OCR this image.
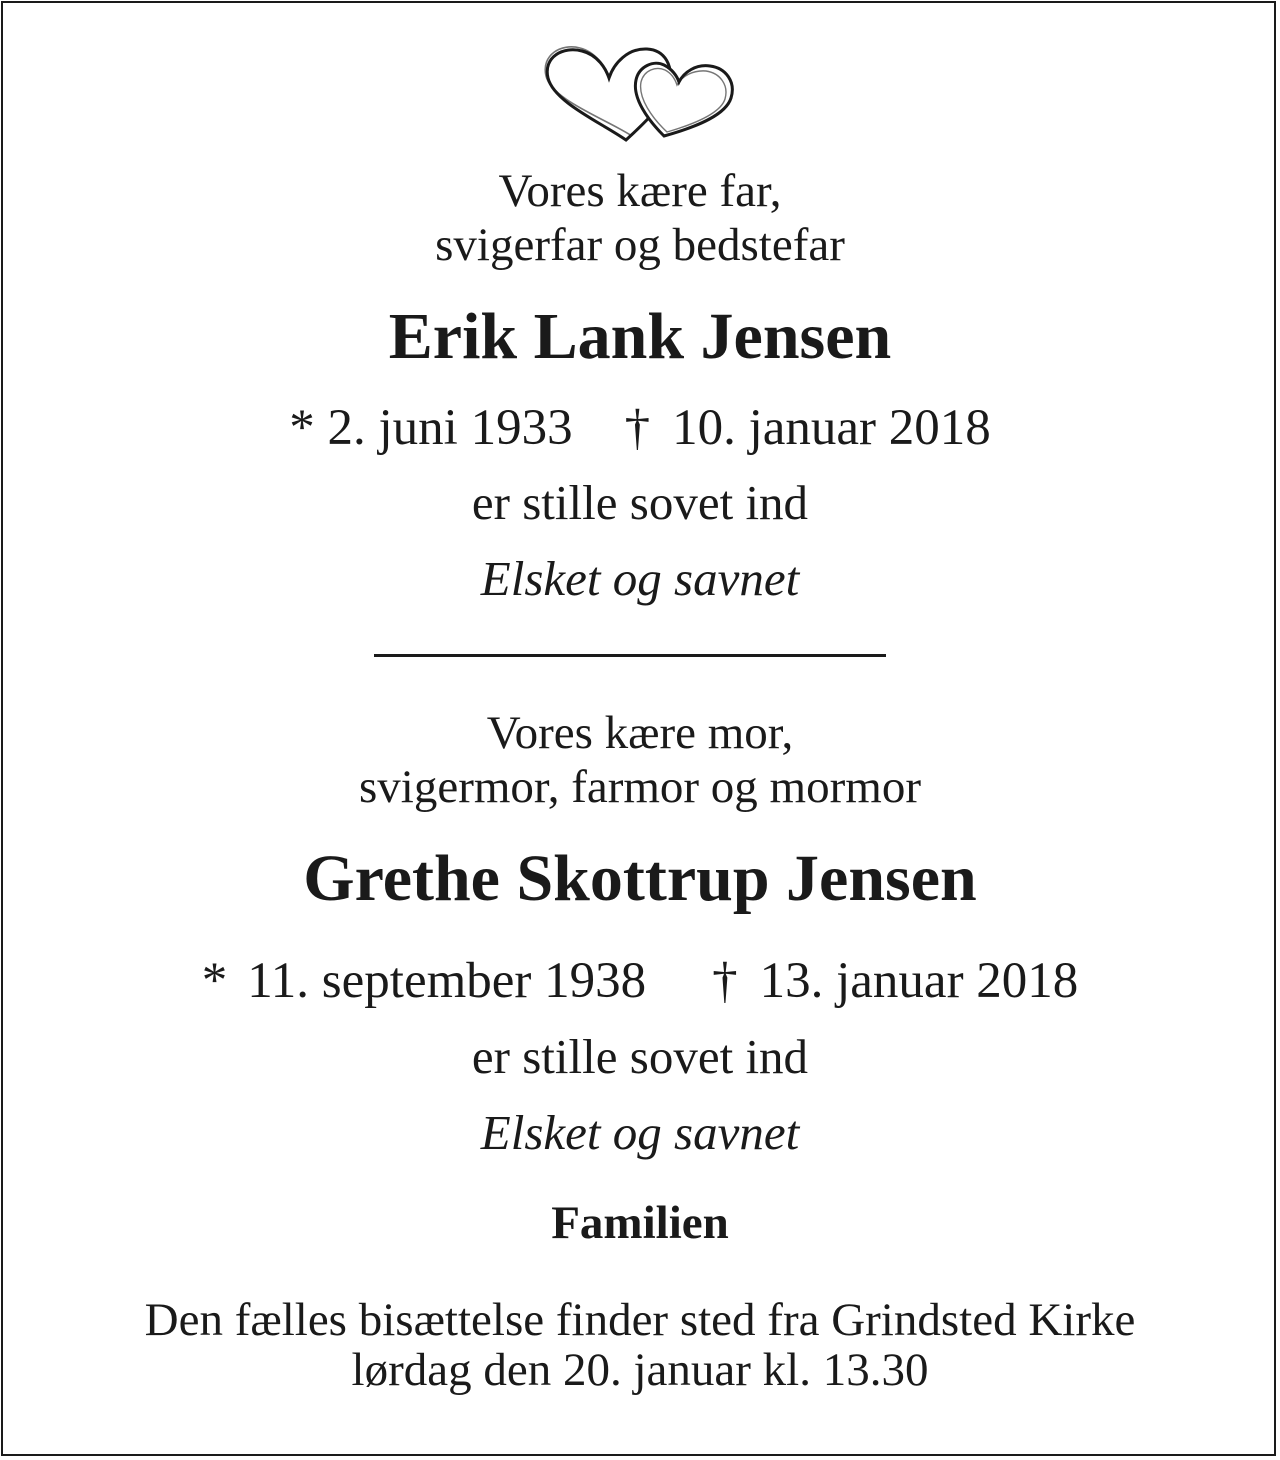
Vores kære far,
svigerfar og bedstefar
Erik Lank Jensen
* 2. juni 1933 † 10. januar 2018
er stille sovet ind
Elsket og savnet
Vores kære mor,
svigermor, farmor og mormor
Grethe Skottrup Jensen
* 11. september 1938 † 13. januar 2018
er stille sovet ind
Elsket og savnet
Familien
Den fælles bisættelse finder sted fra Grindsted Kirke
lørdag den 20. januar kl. 13.30
